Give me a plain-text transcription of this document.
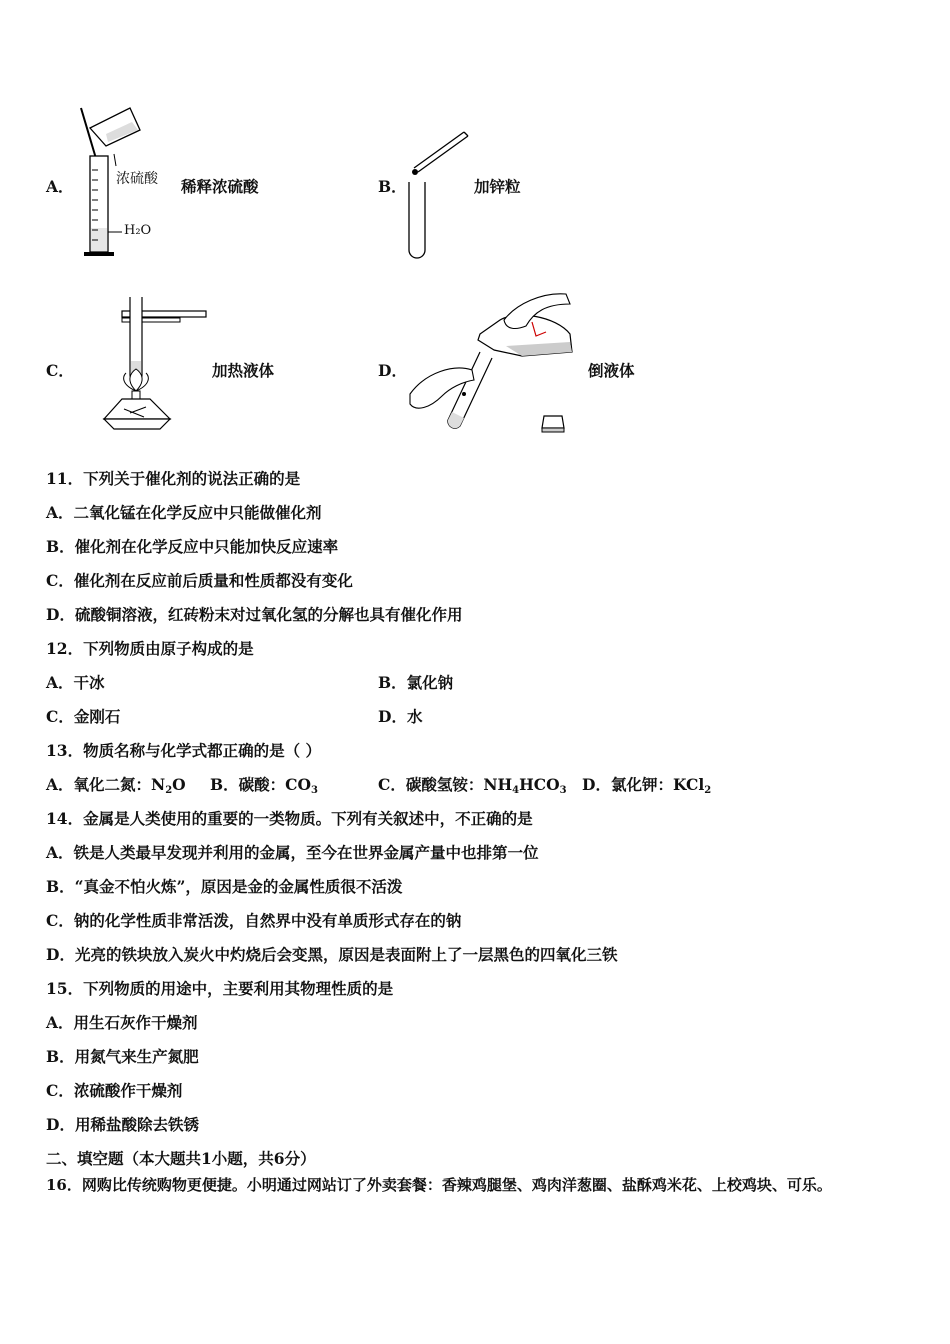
A．	浓硫酸
H₂O
稀释浓硫酸	B．	加锌粒
C．	加热液体	D．	倒液体
11．下列关于催化剂的说法正确的是
A．二氧化锰在化学反应中只能做催化剂
B．催化剂在化学反应中只能加快反应速率
C．催化剂在反应前后质量和性质都没有变化
D．硫酸铜溶液，红砖粉末对过氧化氢的分解也具有催化作用
12．下列物质由原子构成的是
A．干冰	B．氯化钠
C．金刚石	D．水
13．物质名称与化学式都正确的是（ ）
A．氧化二氮：$N_2O$ B．碳酸：$CO_3$	C．碳酸氢铵：$NH_4HCO_3$ D．氯化钾：KCl$_2$
14．金属是人类使用的重要的一类物质。下列有关叙述中，不正确的是
A．铁是人类最早发现并利用的金属，至今在世界金属产量中也排第一位
B．“真金不怕火炼”，原因是金的金属性质很不活泼
C．钠的化学性质非常活泼，自然界中没有单质形式存在的钠
D．光亮的铁块放入炭火中灼烧后会变黑，原因是表面附上了一层黑色的四氧化三铁
15．下列物质的用途中，主要利用其物理性质的是
A．用生石灰作干燥剂
B．用氮气来生产氮肥
C．浓硫酸作干燥剂
D．用稀盐酸除去铁锈
二、填空题（本大题共1小题，共6分）
16．网购比传统购物更便捷。小明通过网站订了外卖套餐：香辣鸡腿堡、鸡肉洋葱圈、盐酥鸡米花、上校鸡块、可乐。
